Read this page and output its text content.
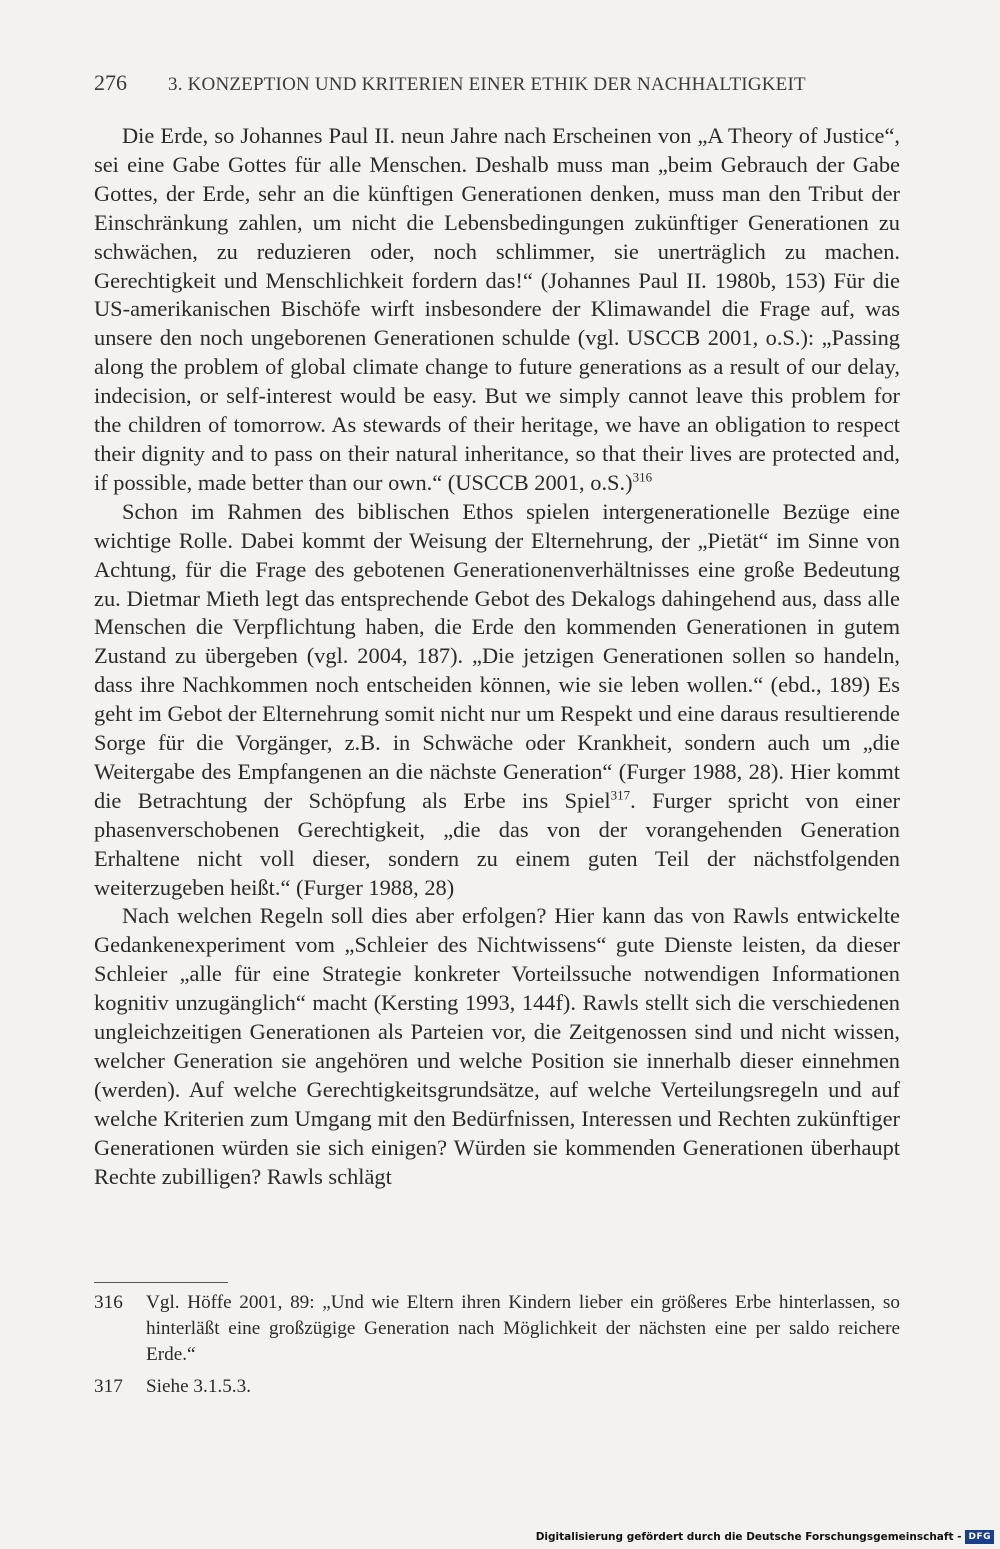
276 3. KONZEPTION UND KRITERIEN EINER ETHIK DER NACHHALTIGKEIT

Die Erde, so Johannes Paul II. neun Jahre nach Erscheinen von „A Theory of Justice“, sei eine Gabe Gottes für alle Menschen. Deshalb muss man „beim Gebrauch der Gabe Gottes, der Erde, sehr an die künftigen Generationen denken, muss man den Tribut der Einschränkung zahlen, um nicht die Lebensbedingungen zukünftiger Generationen zu schwächen, zu reduzieren oder, noch schlimmer, sie unerträglich zu machen. Gerechtigkeit und Menschlichkeit fordern das!“ (Johannes Paul II. 1980b, 153) Für die US-amerikanischen Bischöfe wirft insbesondere der Klimawandel die Frage auf, was unsere den noch ungeborenen Generationen schulde (vgl. USCCB 2001, o.S.): „Passing along the problem of global climate change to future generations as a result of our delay, indecision, or self-interest would be easy. But we simply cannot leave this problem for the children of tomorrow. As stewards of their heritage, we have an obligation to respect their dignity and to pass on their natural inheritance, so that their lives are protected and, if possible, made better than our own.“ (USCCB 2001, o.S.)$^{316}$

Schon im Rahmen des biblischen Ethos spielen intergenerationelle Bezüge eine wichtige Rolle. Dabei kommt der Weisung der Elternehrung, der „Pietät“ im Sinne von Achtung, für die Frage des gebotenen Generationenverhältnisses eine große Bedeutung zu. Dietmar Mieth legt das entsprechende Gebot des Dekalogs dahingehend aus, dass alle Menschen die Verpflichtung haben, die Erde den kommenden Generationen in gutem Zustand zu übergeben (vgl. 2004, 187). „Die jetzigen Generationen sollen so handeln, dass ihre Nachkommen noch entscheiden können, wie sie leben wollen.“ (ebd., 189) Es geht im Gebot der Elternehrung somit nicht nur um Respekt und eine daraus resultierende Sorge für die Vorgänger, z.B. in Schwäche oder Krankheit, sondern auch um „die Weitergabe des Empfangenen an die nächste Generation“ (Furger 1988, 28). Hier kommt die Betrachtung der Schöpfung als Erbe ins Spiel$^{317}$. Furger spricht von einer phasenverschobenen Gerechtigkeit, „die das von der vorangehenden Generation Erhaltene nicht voll dieser, sondern zu einem guten Teil der nächstfolgenden weiterzugeben heißt.“ (Furger 1988, 28)

Nach welchen Regeln soll dies aber erfolgen? Hier kann das von Rawls entwickelte Gedankenexperiment vom „Schleier des Nichtwissens“ gute Dienste leisten, da dieser Schleier „alle für eine Strategie konkreter Vorteilssuche notwendigen Informationen kognitiv unzugänglich“ macht (Kersting 1993, 144f). Rawls stellt sich die verschiedenen ungleichzeitigen Generationen als Parteien vor, die Zeitgenossen sind und nicht wissen, welcher Generation sie angehören und welche Position sie innerhalb dieser einnehmen (werden). Auf welche Gerechtigkeitsgrundsätze, auf welche Verteilungsregeln und auf welche Kriterien zum Umgang mit den Bedürfnissen, Interessen und Rechten zukünftiger Generationen würden sie sich einigen? Würden sie kommenden Generationen überhaupt Rechte zubilligen? Rawls schlägt

316 Vgl. Höffe 2001, 89: „Und wie Eltern ihren Kindern lieber ein größeres Erbe hinterlassen, so hinterläßt eine großzügige Generation nach Möglichkeit der nächsten eine per saldo reichere Erde.“
317 Siehe 3.1.5.3.
Digitalisierung gefördert durch die Deutsche Forschungsgemeinschaft - DFG
